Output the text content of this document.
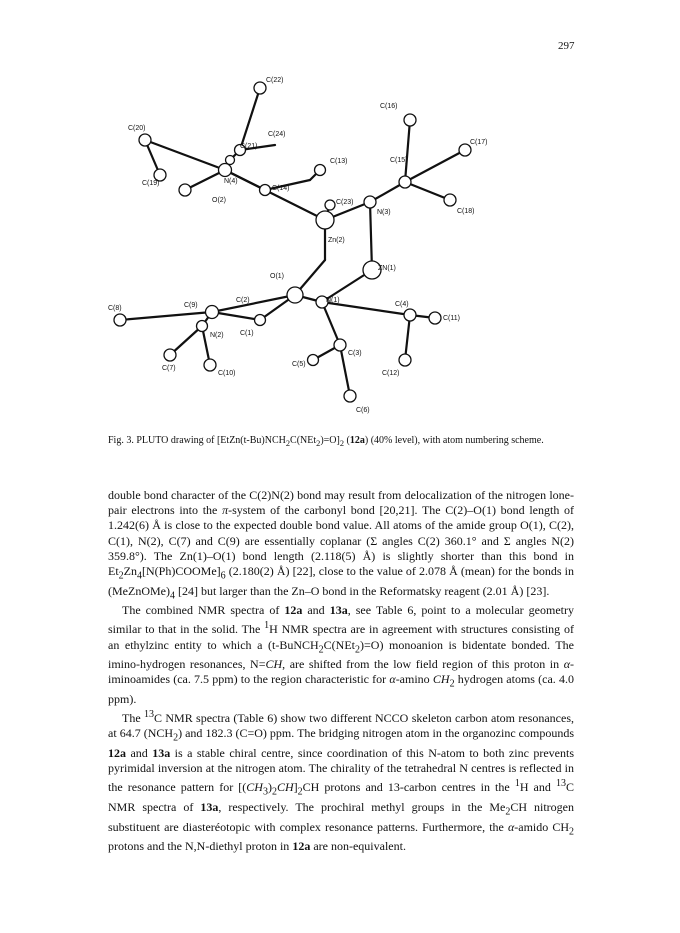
297
C(22)
C(16)
C(20)
C(24)
C(21)
C(17)
C(13)	C(15)
C(19)	N(4)
C(14)
O(2)	C(23)
N(3)	C(18)
Zn(2)
ZN(1)
O(1)
C(8)	C(9)
C(2)	N(1)
C(4)
C(11)
N(2) C(1)
C(3)
C(7)
C(10)
C(5)
C(12)
C(6)
Fig. 3. PLUTO drawing of $[EtZn(t-Bu)NCH_2C(NEt_2)=O]_2$ (12a) (40% level), with atom numbering scheme.

double bond character of the C(2)N(2) bond may result from delocalization of the nitrogen lone-pair electrons into the π-system of the carbonyl bond [20,21]. The C(2)–O(1) bond length of 1.242(6) Å is close to the expected double bond value. All atoms of the amide group O(1), C(2), C(1), N(2), C(7) and C(9) are essentially coplanar (Σ angles C(2) 360.1° and Σ angles N(2) 359.8°). The Zn(1)–O(1) bond length (2.118(5) Å) is slightly shorter than this bond in $Et_2Zn_4[N(Ph)COOMe]_6$ (2.180(2) Å) [22], close to the value of 2.078 Å (mean) for the bonds in $(MeZnOMe)_4$ [24] but larger than the Zn–O bond in the Reformatsky reagent (2.01 Å) [23].

The combined NMR spectra of 12a and 13a, see Table 6, point to a molecular geometry similar to that in the solid. The $^1$H NMR spectra are in agreement with structures consisting of an ethylzinc entity to which a (t-BuNCH$_2$C(NEt$_2$)=O) monoanion is bidentate bonded. The imino-hydrogen resonances, N=CH, are shifted from the low field region of this proton in α-iminoamides (ca. 7.5 ppm) to the region characteristic for α-amino $CH_2$ hydrogen atoms (ca. 4.0 ppm).

The $^{13}$C NMR spectra (Table 6) show two different NCCO skeleton carbon atom resonances, at 64.7 $(NCH_2)$ and 182.3 (C=O) ppm. The bridging nitrogen atom in the organozinc compounds 12a and 13a is a stable chiral centre, since coordination of this N-atom to both zinc prevents pyrimidal inversion at the nitrogen atom. The chirality of the tetrahedral N centres is reflected in the resonance pattern for $[(CH_3)_2CH]_2CH$ protons and 13-carbon centres in the $^1$H and $^{13}$C NMR spectra of 13a, respectively. The prochiral methyl groups in the $Me_2CH$ nitrogen substituent are diasteréotopic with complex resonance patterns. Furthermore, the α-amido $CH_2$ protons and the N,N-diethyl proton in 12a are non-equivalent.
